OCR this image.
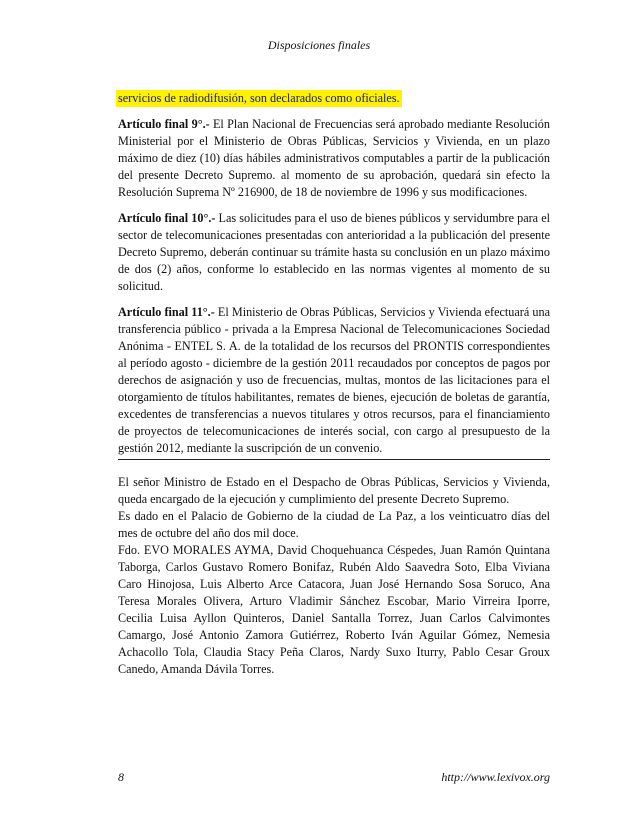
Disposiciones finales

servicios de radiodifusión, son declarados como oficiales.

Artículo final 9°.- El Plan Nacional de Frecuencias será aprobado mediante Resolución Ministerial por el Ministerio de Obras Públicas, Servicios y Vivienda, en un plazo máximo de diez (10) días hábiles administrativos computables a partir de la publicación del presente Decreto Supremo. al momento de su aprobación, quedará sin efecto la Resolución Suprema Nº 216900, de 18 de noviembre de 1996 y sus modificaciones.

Artículo final 10°.- Las solicitudes para el uso de bienes públicos y servidumbre para el sector de telecomunicaciones presentadas con anterioridad a la publicación del presente Decreto Supremo, deberán continuar su trámite hasta su conclusión en un plazo máximo de dos (2) años, conforme lo establecido en las normas vigentes al momento de su solicitud.

Artículo final 11°.- El Ministerio de Obras Públicas, Servicios y Vivienda efectuará una transferencia público - privada a la Empresa Nacional de Telecomunicaciones Sociedad Anónima - ENTEL S. A. de la totalidad de los recursos del PRONTIS correspondientes al período agosto - diciembre de la gestión 2011 recaudados por conceptos de pagos por derechos de asignación y uso de frecuencias, multas, montos de las licitaciones para el otorgamiento de títulos habilitantes, remates de bienes, ejecución de boletas de garantía, excedentes de transferencias a nuevos titulares y otros recursos, para el financiamiento de proyectos de telecomunicaciones de interés social, con cargo al presupuesto de la gestión 2012, mediante la suscripción de un convenio.

El señor Ministro de Estado en el Despacho de Obras Públicas, Servicios y Vivienda, queda encargado de la ejecución y cumplimiento del presente Decreto Supremo.

Es dado en el Palacio de Gobierno de la ciudad de La Paz, a los veinticuatro días del mes de octubre del año dos mil doce.

Fdo. EVO MORALES AYMA, David Choquehuanca Céspedes, Juan Ramón Quintana Taborga, Carlos Gustavo Romero Bonifaz, Rubén Aldo Saavedra Soto, Elba Viviana Caro Hinojosa, Luis Alberto Arce Catacora, Juan José Hernando Sosa Soruco, Ana Teresa Morales Olivera, Arturo Vladimir Sánchez Escobar, Mario Virreira Iporre, Cecilia Luisa Ayllon Quinteros, Daniel Santalla Torrez, Juan Carlos Calvimontes Camargo, José Antonio Zamora Gutiérrez, Roberto Iván Aguilar Gómez, Nemesia Achacollo Tola, Claudia Stacy Peña Claros, Nardy Suxo Iturry, Pablo Cesar Groux Canedo, Amanda Dávila Torres.

8	http://www.lexivox.org
